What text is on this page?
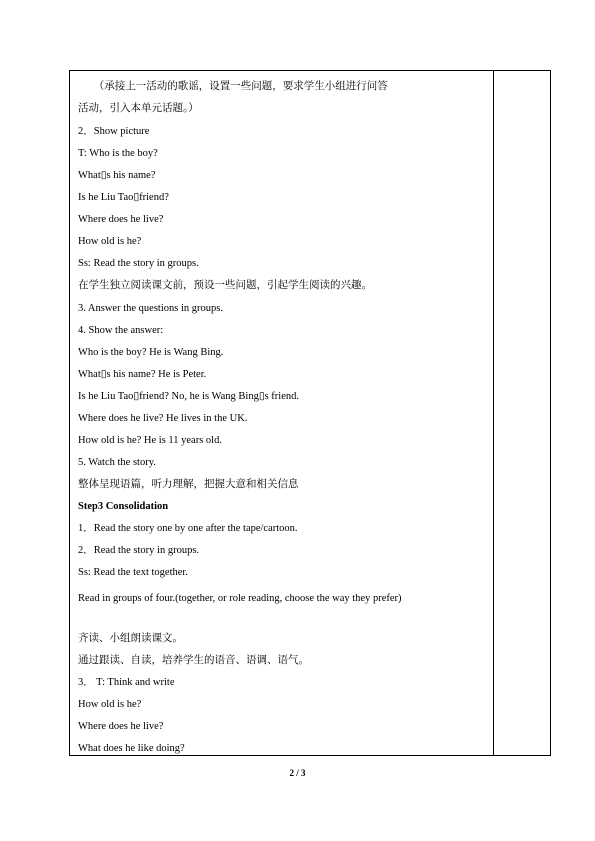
　　（承接上一活动的歌谣，设置一些问题，要求学生小组进行问答
活动，引入本单元话题。）
2．Show picture
T: Who is the boy?
What▯s his name?
Is he Liu Tao▯friend?
Where does he live?
How old is he?
Ss: Read the story in groups.
在学生独立阅读课文前，预设一些问题，引起学生阅读的兴趣。
3. Answer the questions in groups.
4. Show the answer:
Who is the boy? He is Wang Bing.
What▯s his name? He is Peter.
Is he Liu Tao▯friend? No, he is Wang Bing▯s friend.
Where does he live? He lives in the UK.
How old is he? He is 11 years old.
5. Watch the story.
整体呈现语篇，听力理解，把握大意和相关信息
Step3 Consolidation
1．Read the story one by one after the tape/cartoon.
2．Read the story in groups.
Ss: Read the text together.
Read in groups of four.(together, or role reading, choose the way they prefer)
齐读、小组朗读课文。
通过跟读、自读，培养学生的语音、语调、语气。
3． T: Think and write
How old is he?
Where does he live?
What does he like doing?
2 / 3
